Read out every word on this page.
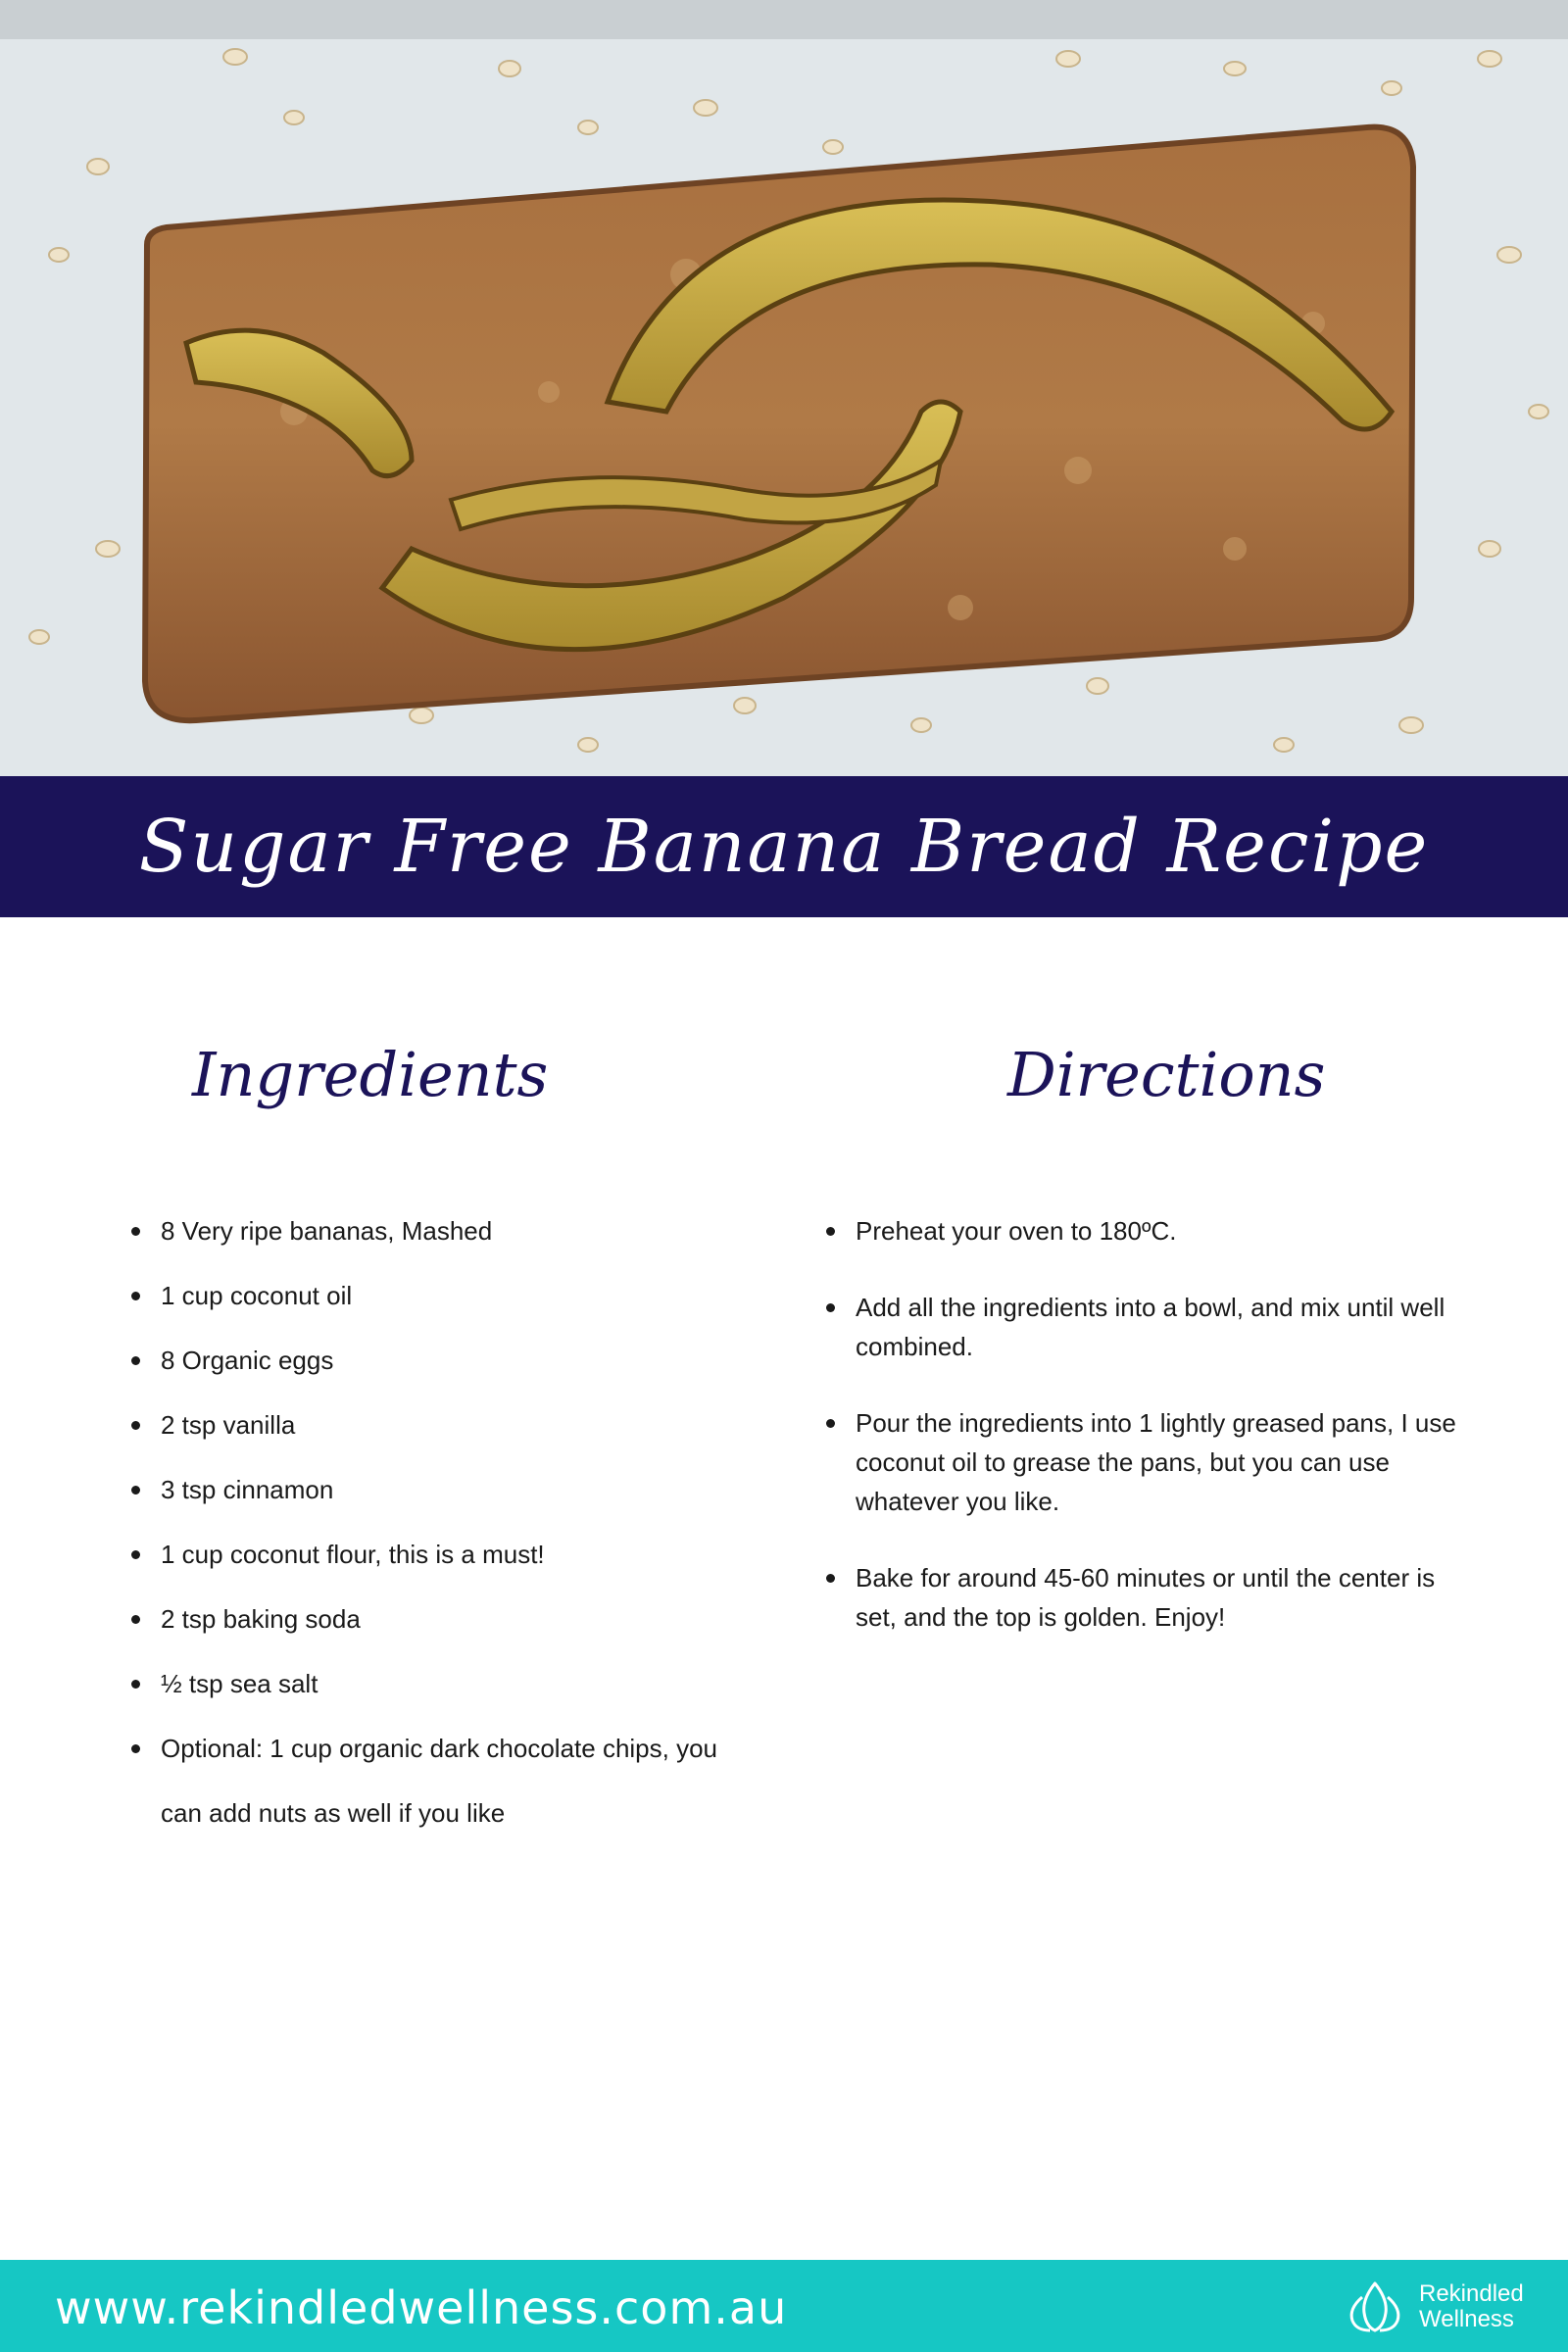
Sugar Free Banana Bread Recipe
Ingredients	Directions
8 Very ripe bananas, Mashed
1 cup coconut oil
8 Organic eggs
2 tsp vanilla
3 tsp cinnamon
1 cup coconut flour, this is a must!
2 tsp baking soda
½ tsp sea salt
Optional: 1 cup organic dark chocolate chips, you can add nuts as well if you like
Preheat your oven to 180ºC.
Add all the ingredients into a bowl, and mix until well combined.
Pour the ingredients into 1 lightly greased pans, I use coconut oil to grease the pans, but you can use whatever you like.
Bake for around 45-60 minutes or until the center is set, and the top is golden. Enjoy!
www.rekindledwellness.com.au	Rekindled
Wellness
